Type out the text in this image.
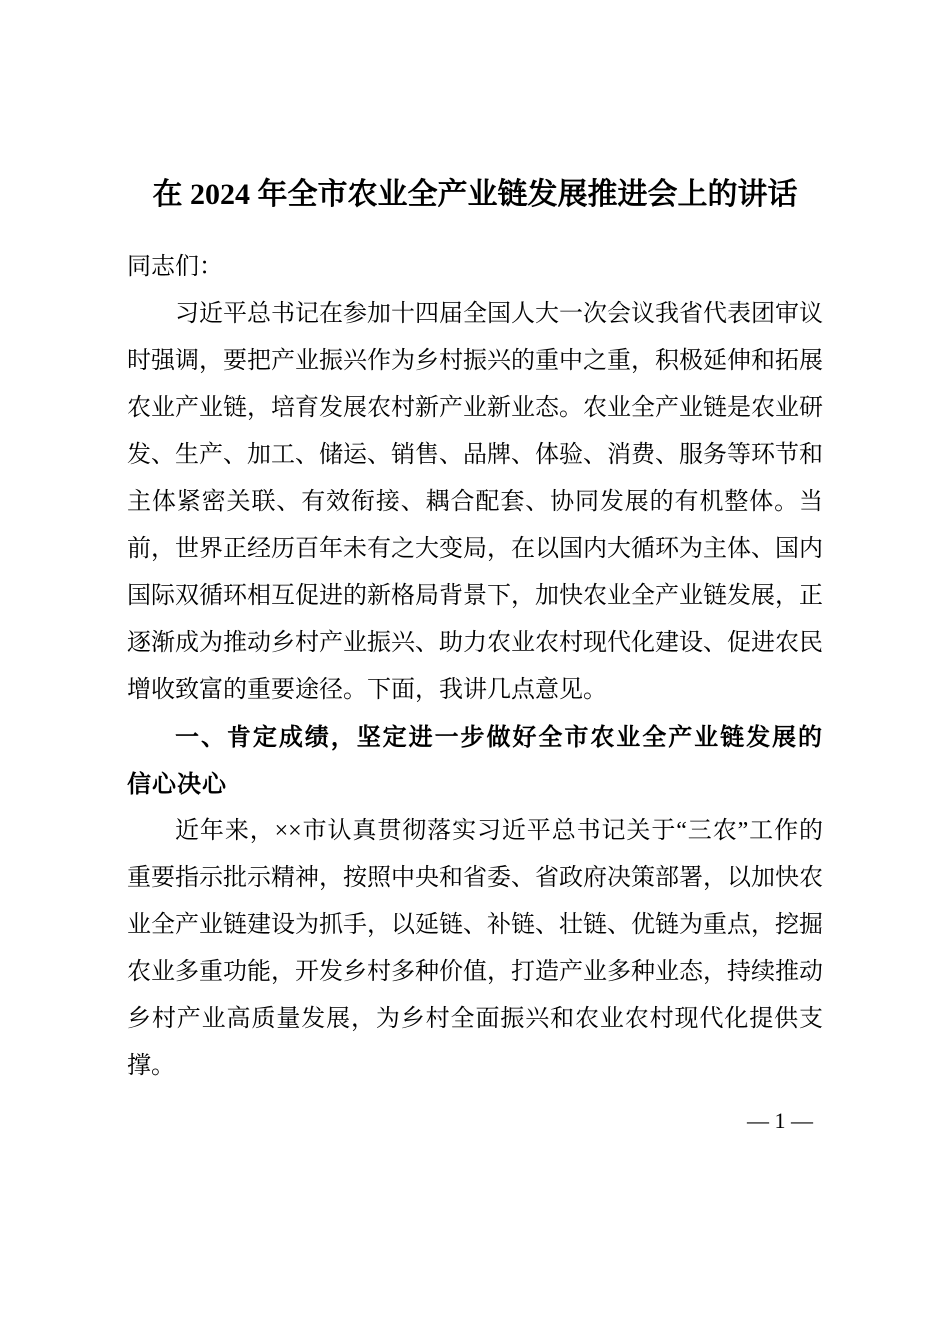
在 2024 年全市农业全产业链发展推进会上的讲话

同志们：

习近平总书记在参加十四届全国人大一次会议我省代表团审议时强调，要把产业振兴作为乡村振兴的重中之重，积极延伸和拓展农业产业链，培育发展农村新产业新业态。农业全产业链是农业研发、生产、加工、储运、销售、品牌、体验、消费、服务等环节和主体紧密关联、有效衔接、耦合配套、协同发展的有机整体。当前，世界正经历百年未有之大变局，在以国内大循环为主体、国内国际双循环相互促进的新格局背景下，加快农业全产业链发展，正逐渐成为推动乡村产业振兴、助力农业农村现代化建设、促进农民增收致富的重要途径。下面，我讲几点意见。

一、肯定成绩，坚定进一步做好全市农业全产业链发展的信心决心

近年来，××市认真贯彻落实习近平总书记关于“三农”工作的重要指示批示精神，按照中央和省委、省政府决策部署，以加快农业全产业链建设为抓手，以延链、补链、壮链、优链为重点，挖掘农业多重功能，开发乡村多种价值，打造产业多种业态，持续推动乡村产业高质量发展，为乡村全面振兴和农业农村现代化提供支撑。

— 1 —
